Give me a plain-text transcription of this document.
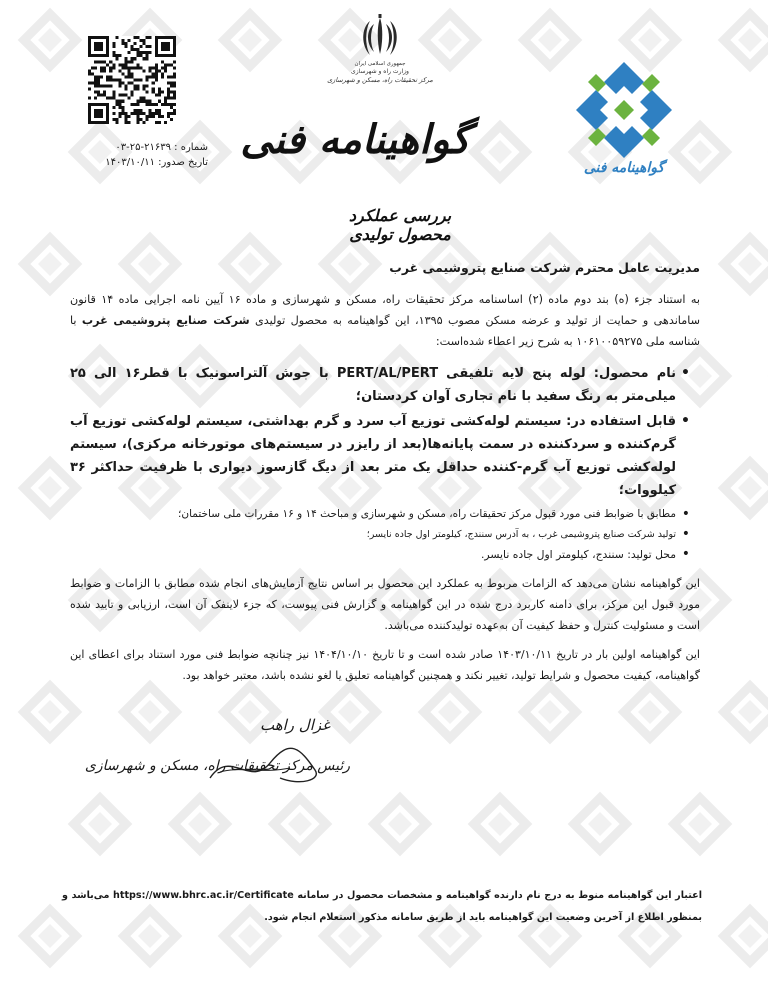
شماره : ۲۱۶۳۹-۲۵-۰۳
تاریخ صدور: ۱۴۰۳/۱۰/۱۱
جمهوری اسلامی ایران
وزارت راه و شهرسازی
مرکز تحقیقات راه، مسکن و شهرسازی
گواهینامه فنی
بررسی عملکرد محصول تولیدی
گواهینامه فنی
مدیریت عامل محترم شرکت صنایع پتروشیمی غرب

به استناد جزء (ه) بند دوم ماده (۲) اساسنامه مرکز تحقیقات راه، مسکن و شهرسازی و ماده ۱۶ آیین نامه اجرایی ماده ۱۴ قانون ساماندهی و حمایت از تولید و عرضه مسکن مصوب ۱۳۹۵، این گواهینامه به محصول تولیدی شرکت صنایع پتروشیمی غرب با شناسه ملی ۱۰۶۱۰۰۵۹۲۷۵ به شرح زیر اعطاء شده‌است:

• نام محصول: لوله پنج لایه تلفیقی PERT/AL/PERT با جوش آلتراسونیک با قطر۱۶ الی ۲۵ میلی‌متر به رنگ سفید با نام تجاری آوان کردستان؛
• قابل استفاده در: سیستم لوله‌کشی توزیع آب سرد و گرم بهداشتی، سیستم لوله‌کشی توزیع آب گرم‌کننده و سردکننده در سمت پایانه‌ها(بعد از رایزر در سیستم‌های موتورخانه مرکزی)، سیستم لوله‌کشی توزیع آب گرم‌-کننده حداقل یک متر بعد از دیگ گازسوز دیواری با ظرفیت حداکثر ۳۶ کیلووات؛
• مطابق با ضوابط فنی مورد قبول مرکز تحقیقات راه، مسکن و شهرسازی و مباحث ۱۴ و ۱۶ مقررات ملی ساختمان؛
• تولید شرکت صنایع پتروشیمی غرب ، به آدرس سنندج، کیلومتر اول جاده نایسر؛
• محل تولید: سنندج، کیلومتر اول جاده نایسر.

این گواهینامه نشان می‌دهد که الزامات مربوط به عملکرد این محصول بر اساس نتایج آزمایش‌های انجام شده مطابق با الزامات و ضوابط مورد قبول این مرکز، برای دامنه کاربرد درج شده در این گواهینامه و گزارش فنی پیوست، که جزء لاینفک آن است، ارزیابی و تایید شده است و مسئولیت کنترل و حفظ کیفیت آن به‌عهده تولیدکننده می‌باشد.

این گواهینامه اولین بار در تاریخ ۱۴۰۳/۱۰/۱۱ صادر شده است و تا تاریخ ۱۴۰۴/۱۰/۱۰ نیز چنانچه ضوابط فنی مورد استناد برای اعطای این گواهینامه، کیفیت محصول و شرایط تولید، تغییر نکند و همچنین گواهینامه تعلیق یا لغو نشده باشد، معتبر خواهد بود.

غزال راهب
رئیس مرکز تحقیقات راه، مسکن و شهرسازی
اعتبار این گواهینامه منوط به درج نام دارنده گواهینامه و مشخصات محصول در سامانه https://www.bhrc.ac.ir/Certificate می‌باشد و بمنظور اطلاع از آخرین وضعیت این گواهینامه باید از طریق سامانه مذکور استعلام انجام شود.
